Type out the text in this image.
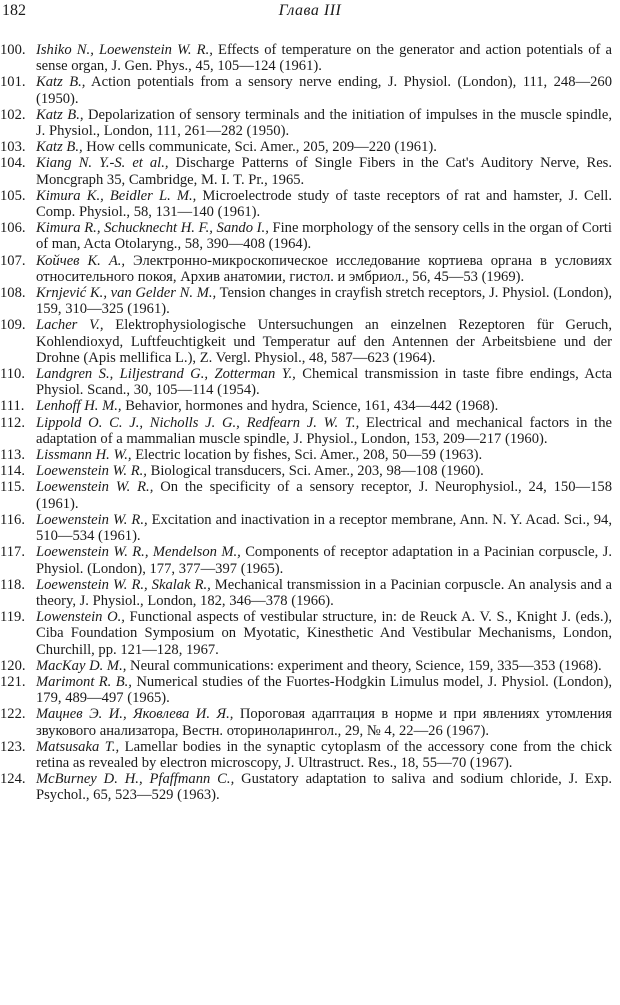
182	Глава III
100. Ishiko N., Loewenstein W. R., Effects of temperature on the generator and action potentials of a sense organ, J. Gen. Phys., 45, 105—124 (1961).
101. Katz B., Action potentials from a sensory nerve ending, J. Physiol. (London), 111, 248—260 (1950).
102. Katz B., Depolarization of sensory terminals and the initiation of impulses in the muscle spindle, J. Physiol., London, 111, 261—282 (1950).
103. Katz B., How cells communicate, Sci. Amer., 205, 209—220 (1961).
104. Kiang N. Y.-S. et al., Discharge Patterns of Single Fibers in the Cat's Auditory Nerve, Res. Moncgraph 35, Cambridge, M. I. T. Pr., 1965.
105. Kimura K., Beidler L. M., Microelectrode study of taste receptors of rat and hamster, J. Cell. Comp. Physiol., 58, 131—140 (1961).
106. Kimura R., Schucknecht H. F., Sando I., Fine morphology of the sensory cells in the organ of Corti of man, Acta Otolaryng., 58, 390—408 (1964).
107. Койчев К. А., Электронно-микроскопическое исследование кортиева органа в условиях относительного покоя, Архив анатомии, гистол. и эмбриол., 56, 45—53 (1969).
108. Krnjević K., van Gelder N. M., Tension changes in crayfish stretch receptors, J. Physiol. (London), 159, 310—325 (1961).
109. Lacher V., Elektrophysiologische Untersuchungen an einzelnen Rezeptoren für Geruch, Kohlendioxyd, Luftfeuchtigkeit und Temperatur auf den Antennen der Arbeitsbiene und der Drohne (Apis mellifica L.), Z. Vergl. Physiol., 48, 587—623 (1964).
110. Landgren S., Liljestrand G., Zotterman Y., Chemical transmission in taste fibre endings, Acta Physiol. Scand., 30, 105—114 (1954).
111. Lenhoff H. M., Behavior, hormones and hydra, Science, 161, 434—442 (1968).
112. Lippold O. C. J., Nicholls J. G., Redfearn J. W. T., Electrical and mechanical factors in the adaptation of a mammalian muscle spindle, J. Physiol., London, 153, 209—217 (1960).
113. Lissmann H. W., Electric location by fishes, Sci. Amer., 208, 50—59 (1963).
114. Loewenstein W. R., Biological transducers, Sci. Amer., 203, 98—108 (1960).
115. Loewenstein W. R., On the specificity of a sensory receptor, J. Neurophysiol., 24, 150—158 (1961).
116. Loewenstein W. R., Excitation and inactivation in a receptor membrane, Ann. N. Y. Acad. Sci., 94, 510—534 (1961).
117. Loewenstein W. R., Mendelson M., Components of receptor adaptation in a Pacinian corpuscle, J. Physiol. (London), 177, 377—397 (1965).
118. Loewenstein W. R., Skalak R., Mechanical transmission in a Pacinian corpuscle. An analysis and a theory, J. Physiol., London, 182, 346—378 (1966).
119. Lowenstein O., Functional aspects of vestibular structure, in: de Reuck A. V. S., Knight J. (eds.), Ciba Foundation Symposium on Myotatic, Kinesthetic And Vestibular Mechanisms, London, Churchill, pp. 121—128, 1967.
120. MacKay D. M., Neural communications: experiment and theory, Science, 159, 335—353 (1968).
121. Marimont R. B., Numerical studies of the Fuortes-Hodgkin Limulus model, J. Physiol. (London), 179, 489—497 (1965).
122. Мацнев Э. И., Яковлева И. Я., Пороговая адаптация в норме и при явлениях утомления звукового анализатора, Вестн. оториноларингол., 29, № 4, 22—26 (1967).
123. Matsusaka T., Lamellar bodies in the synaptic cytoplasm of the accessory cone from the chick retina as revealed by electron microscopy, J. Ultrastruct. Res., 18, 55—70 (1967).
124. McBurney D. H., Pfaffmann C., Gustatory adaptation to saliva and sodium chloride, J. Exp. Psychol., 65, 523—529 (1963).
